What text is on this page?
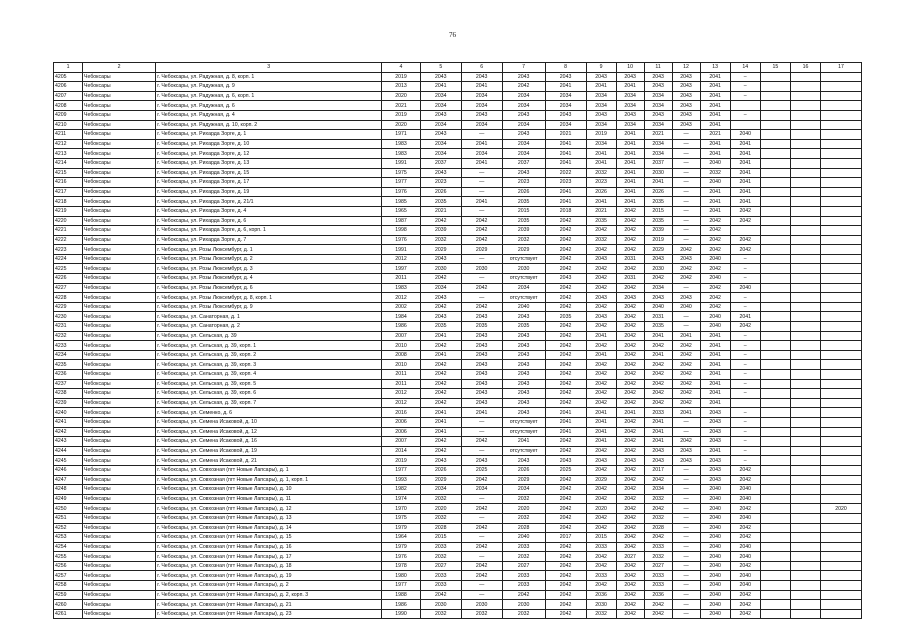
76
1	2	3	4	5	6	7	8	9	10	11	12	13	14	15	16	17
4205	Чебоксары	г. Чебоксары, ул. Радужная, д. 8, корп. 1	2019	2043	2043	2043	2043	2043	2043	2043	2043	2041	–			
4206	Чебоксары	г. Чебоксары, ул. Радужная, д. 9	2013	2041	2041	2042	2041	2041	2041	2043	2043	2041	–			
4207	Чебоксары	г. Чебоксары, ул. Радужная, д. 6, корп. 1	2020	2034	2034	2034	2034	2034	2034	2034	2043	2041	–			
4208	Чебоксары	г. Чебоксары, ул. Радужная, д. 6	2021	2034	2034	2034	2034	2034	2034	2034	2043	2041				
4209	Чебоксары	г. Чебоксары, ул. Радужная, д. 4	2019	2043	2043	2043	2043	2043	2043	2043	2043	2041	–			
4210	Чебоксары	г. Чебоксары, ул. Радужная, д. 10, корп. 2	2020	2034	2034	2034	2034	2034	2034	2034	2043	2041				
4211	Чебоксары	г. Чебоксары, ул. Рихарда Зорге, д. 1	1971	2043	—	2043	2021	2019	2041	2021	—	2021	2040			
4212	Чебоксары	г. Чебоксары, ул. Рихарда Зорге, д. 10	1983	2034	2041	2034	2041	2034	2041	2034	—	2041	2041			
4213	Чебоксары	г. Чебоксары, ул. Рихарда Зорге, д. 12	1983	2034	2034	2034	2041	2041	2041	2034	—	2041	2041			
4214	Чебоксары	г. Чебоксары, ул. Рихарда Зорге, д. 13	1991	2037	2041	2037	2041	2041	2041	2037	—	2040	2041			
4215	Чебоксары	г. Чебоксары, ул. Рихарда Зорге, д. 15	1975	2043	—	2043	2022	2032	2041	2030	—	2032	2041			
4216	Чебоксары	г. Чебоксары, ул. Рихарда Зорге, д. 17	1977	2023	—	2023	2023	2023	2041	2041	—	2040	2041			
4217	Чебоксары	г. Чебоксары, ул. Рихарда Зорге, д. 19	1976	2026	—	2026	2041	2026	2041	2026	—	2041	2041			
4218	Чебоксары	г. Чебоксары, ул. Рихарда Зорге, д. 21/1	1985	2035	2041	2035	2041	2041	2041	2035	—	2041	2041			
4219	Чебоксары	г. Чебоксары, ул. Рихарда Зорге, д. 4	1965	2021	—	2015	2018	2021	2042	2015	—	2041	2042			
4220	Чебоксары	г. Чебоксары, ул. Рихарда Зорге, д. 6	1987	2042	2042	2035	2042	2035	2042	2035	—	2042	2042			
4221	Чебоксары	г. Чебоксары, ул. Рихарда Зорге, д. 6, корп. 1	1998	2039	2042	2039	2042	2042	2042	2039	—	2042				
4222	Чебоксары	г. Чебоксары, ул. Рихарда Зорге, д. 7	1976	2032	2042	2032	2042	2032	2042	2019	—	2042	2042			
4223	Чебоксары	г. Чебоксары, ул. Розы Люксембург, д. 1	1991	2029	2029	2029	2042	2042	2042	2029	2042	2042	2042			
4224	Чебоксары	г. Чебоксары, ул. Розы Люксембург, д. 2	2012	2043	—	отсутствует	2042	2043	2031	2043	2043	2040	–			
4225	Чебоксары	г. Чебоксары, ул. Розы Люксембург, д. 3	1997	2030	2030	2030	2042	2042	2042	2030	2042	2042	–			
4226	Чебоксары	г. Чебоксары, ул. Розы Люксембург, д. 4	2011	2042	—	отсутствует	2043	2042	2031	2042	2042	2040	–			
4227	Чебоксары	г. Чебоксары, ул. Розы Люксембург, д. 6	1983	2034	2042	2034	2042	2042	2042	2034	—	2042	2040			
4228	Чебоксары	г. Чебоксары, ул. Розы Люксембург, д. 8, корп. 1	2012	2043	—	отсутствует	2042	2043	2043	2043	2043	2042	–			
4229	Чебоксары	г. Чебоксары, ул. Розы Люксембург, д. 9	2002	2042	2042	2040	2042	2042	2042	2040	2040	2042	–			
4230	Чебоксары	г. Чебоксары, ул. Санаторная, д. 1	1984	2043	2043	2043	2035	2043	2042	2031	—	2040	2041			
4231	Чебоксары	г. Чебоксары, ул. Санаторная, д. 2	1986	2035	2035	2035	2042	2042	2042	2035	—	2040	2042			
4232	Чебоксары	г. Чебоксары, ул. Сельская, д. 39	2007	2041	2043	2043	2042	2041	2042	2041	2041	2041	–			
4233	Чебоксары	г. Чебоксары, ул. Сельская, д. 39, корп. 1	2010	2042	2043	2043	2042	2042	2042	2042	2042	2041	–			
4234	Чебоксары	г. Чебоксары, ул. Сельская, д. 39, корп. 2	2008	2041	2043	2043	2042	2041	2042	2041	2042	2041	–			
4235	Чебоксары	г. Чебоксары, ул. Сельская, д. 39, корп. 3	2010	2042	2043	2043	2042	2042	2042	2042	2042	2041	–			
4236	Чебоксары	г. Чебоксары, ул. Сельская, д. 39, корп. 4	2011	2042	2043	2043	2042	2042	2042	2042	2042	2041	–			
4237	Чебоксары	г. Чебоксары, ул. Сельская, д. 39, корп. 5	2011	2042	2043	2043	2042	2042	2042	2042	2042	2041	–			
4238	Чебоксары	г. Чебоксары, ул. Сельская, д. 39, корп. 6	2012	2042	2043	2043	2042	2042	2042	2042	2042	2041	–			
4239	Чебоксары	г. Чебоксары, ул. Сельская, д. 39, корп. 7	2012	2042	2043	2043	2042	2042	2042	2042	2042	2041				
4240	Чебоксары	г. Чебоксары, ул. Семенко, д. 6	2016	2041	2041	2043	2041	2041	2041	2033	2041	2043	–			
4241	Чебоксары	г. Чебоксары, ул. Семена Исаковой, д. 10	2006	2041	—	отсутствует	2041	2041	2042	2041	—	2043	–			
4242	Чебоксары	г. Чебоксары, ул. Семена Исаковой, д. 12	2006	2041	—	отсутствует	2041	2041	2042	2041	—	2043	–			
4243	Чебоксары	г. Чебоксары, ул. Семена Исаковой, д. 16	2007	2042	2042	2041	2042	2041	2042	2041	2042	2043	–			
4244	Чебоксары	г. Чебоксары, ул. Семена Исаковой, д. 19	2014	2042	—	отсутствует	2042	2042	2042	2043	2043	2041	–			
4245	Чебоксары	г. Чебоксары, ул. Семена Исаковой, д. 21	2019	2043	2043	2043	2043	2043	2043	2043	2043	2043	–			
4246	Чебоксары	г. Чебоксары, ул. Совхозная (пгт Новые Лапсары), д. 1	1977	2026	2025	2026	2025	2042	2042	2017	—	2043	2042			
4247	Чебоксары	г. Чебоксары, ул. Совхозная (пгт Новые Лапсары), д. 1, корп. 1	1993	2029	2042	2029	2042	2029	2042	2042	—	2043	2042			
4248	Чебоксары	г. Чебоксары, ул. Совхозная (пгт Новые Лапсары), д. 10	1982	2034	2034	2034	2042	2042	2042	2034	—	2040	2040			
4249	Чебоксары	г. Чебоксары, ул. Совхозная (пгт Новые Лапсары), д. 11	1974	2032	—	2032	2042	2042	2042	2032	—	2040	2040			
4250	Чебоксары	г. Чебоксары, ул. Совхозная (пгт Новые Лапсары), д. 12	1970	2020	2042	2020	2042	2020	2042	2042	—	2040	2042			2020
4251	Чебоксары	г. Чебоксары, ул. Совхозная (пгт Новые Лапсары), д. 13	1975	2032	—	2032	2042	2042	2042	2032	—	2040	2040			
4252	Чебоксары	г. Чебоксары, ул. Совхозная (пгт Новые Лапсары), д. 14	1979	2028	2042	2028	2042	2042	2042	2028	—	2040	2042			
4253	Чебоксары	г. Чебоксары, ул. Совхозная (пгт Новые Лапсары), д. 15	1964	2015	—	2040	2017	2015	2042	2042	—	2040	2042			
4254	Чебоксары	г. Чебоксары, ул. Совхозная (пгт Новые Лапсары), д. 16	1979	2033	2042	2033	2042	2033	2042	2033	—	2040	2040			
4255	Чебоксары	г. Чебоксары, ул. Совхозная (пгт Новые Лапсары), д. 17	1976	2032	—	2032	2042	2042	2027	2032	—	2040	2040			
4256	Чебоксары	г. Чебоксары, ул. Совхозная (пгт Новые Лапсары), д. 18	1978	2027	2042	2027	2042	2042	2042	2027	—	2040	2042			
4257	Чебоксары	г. Чебоксары, ул. Совхозная (пгт Новые Лапсары), д. 19	1980	2033	2042	2033	2042	2033	2042	2033	—	2040	2040			
4258	Чебоксары	г. Чебоксары, ул. Совхозная (пгт Новые Лапсары), д. 2	1977	2033	—	2033	2042	2042	2042	2033	—	2040	2040			
4259	Чебоксары	г. Чебоксары, ул. Совхозная (пгт Новые Лапсары), д. 2, корп. 3	1988	2042	—	2042	2042	2036	2042	2036	—	2040	2042			
4260	Чебоксары	г. Чебоксары, ул. Совхозная (пгт Новые Лапсары), д. 21	1986	2030	2030	2030	2042	2030	2042	2042	—	2040	2042			
4261	Чебоксары	г. Чебоксары, ул. Совхозная (пгт Новые Лапсары), д. 23	1990	2032	2032	2032	2042	2032	2042	2042	—	2040	2042			
